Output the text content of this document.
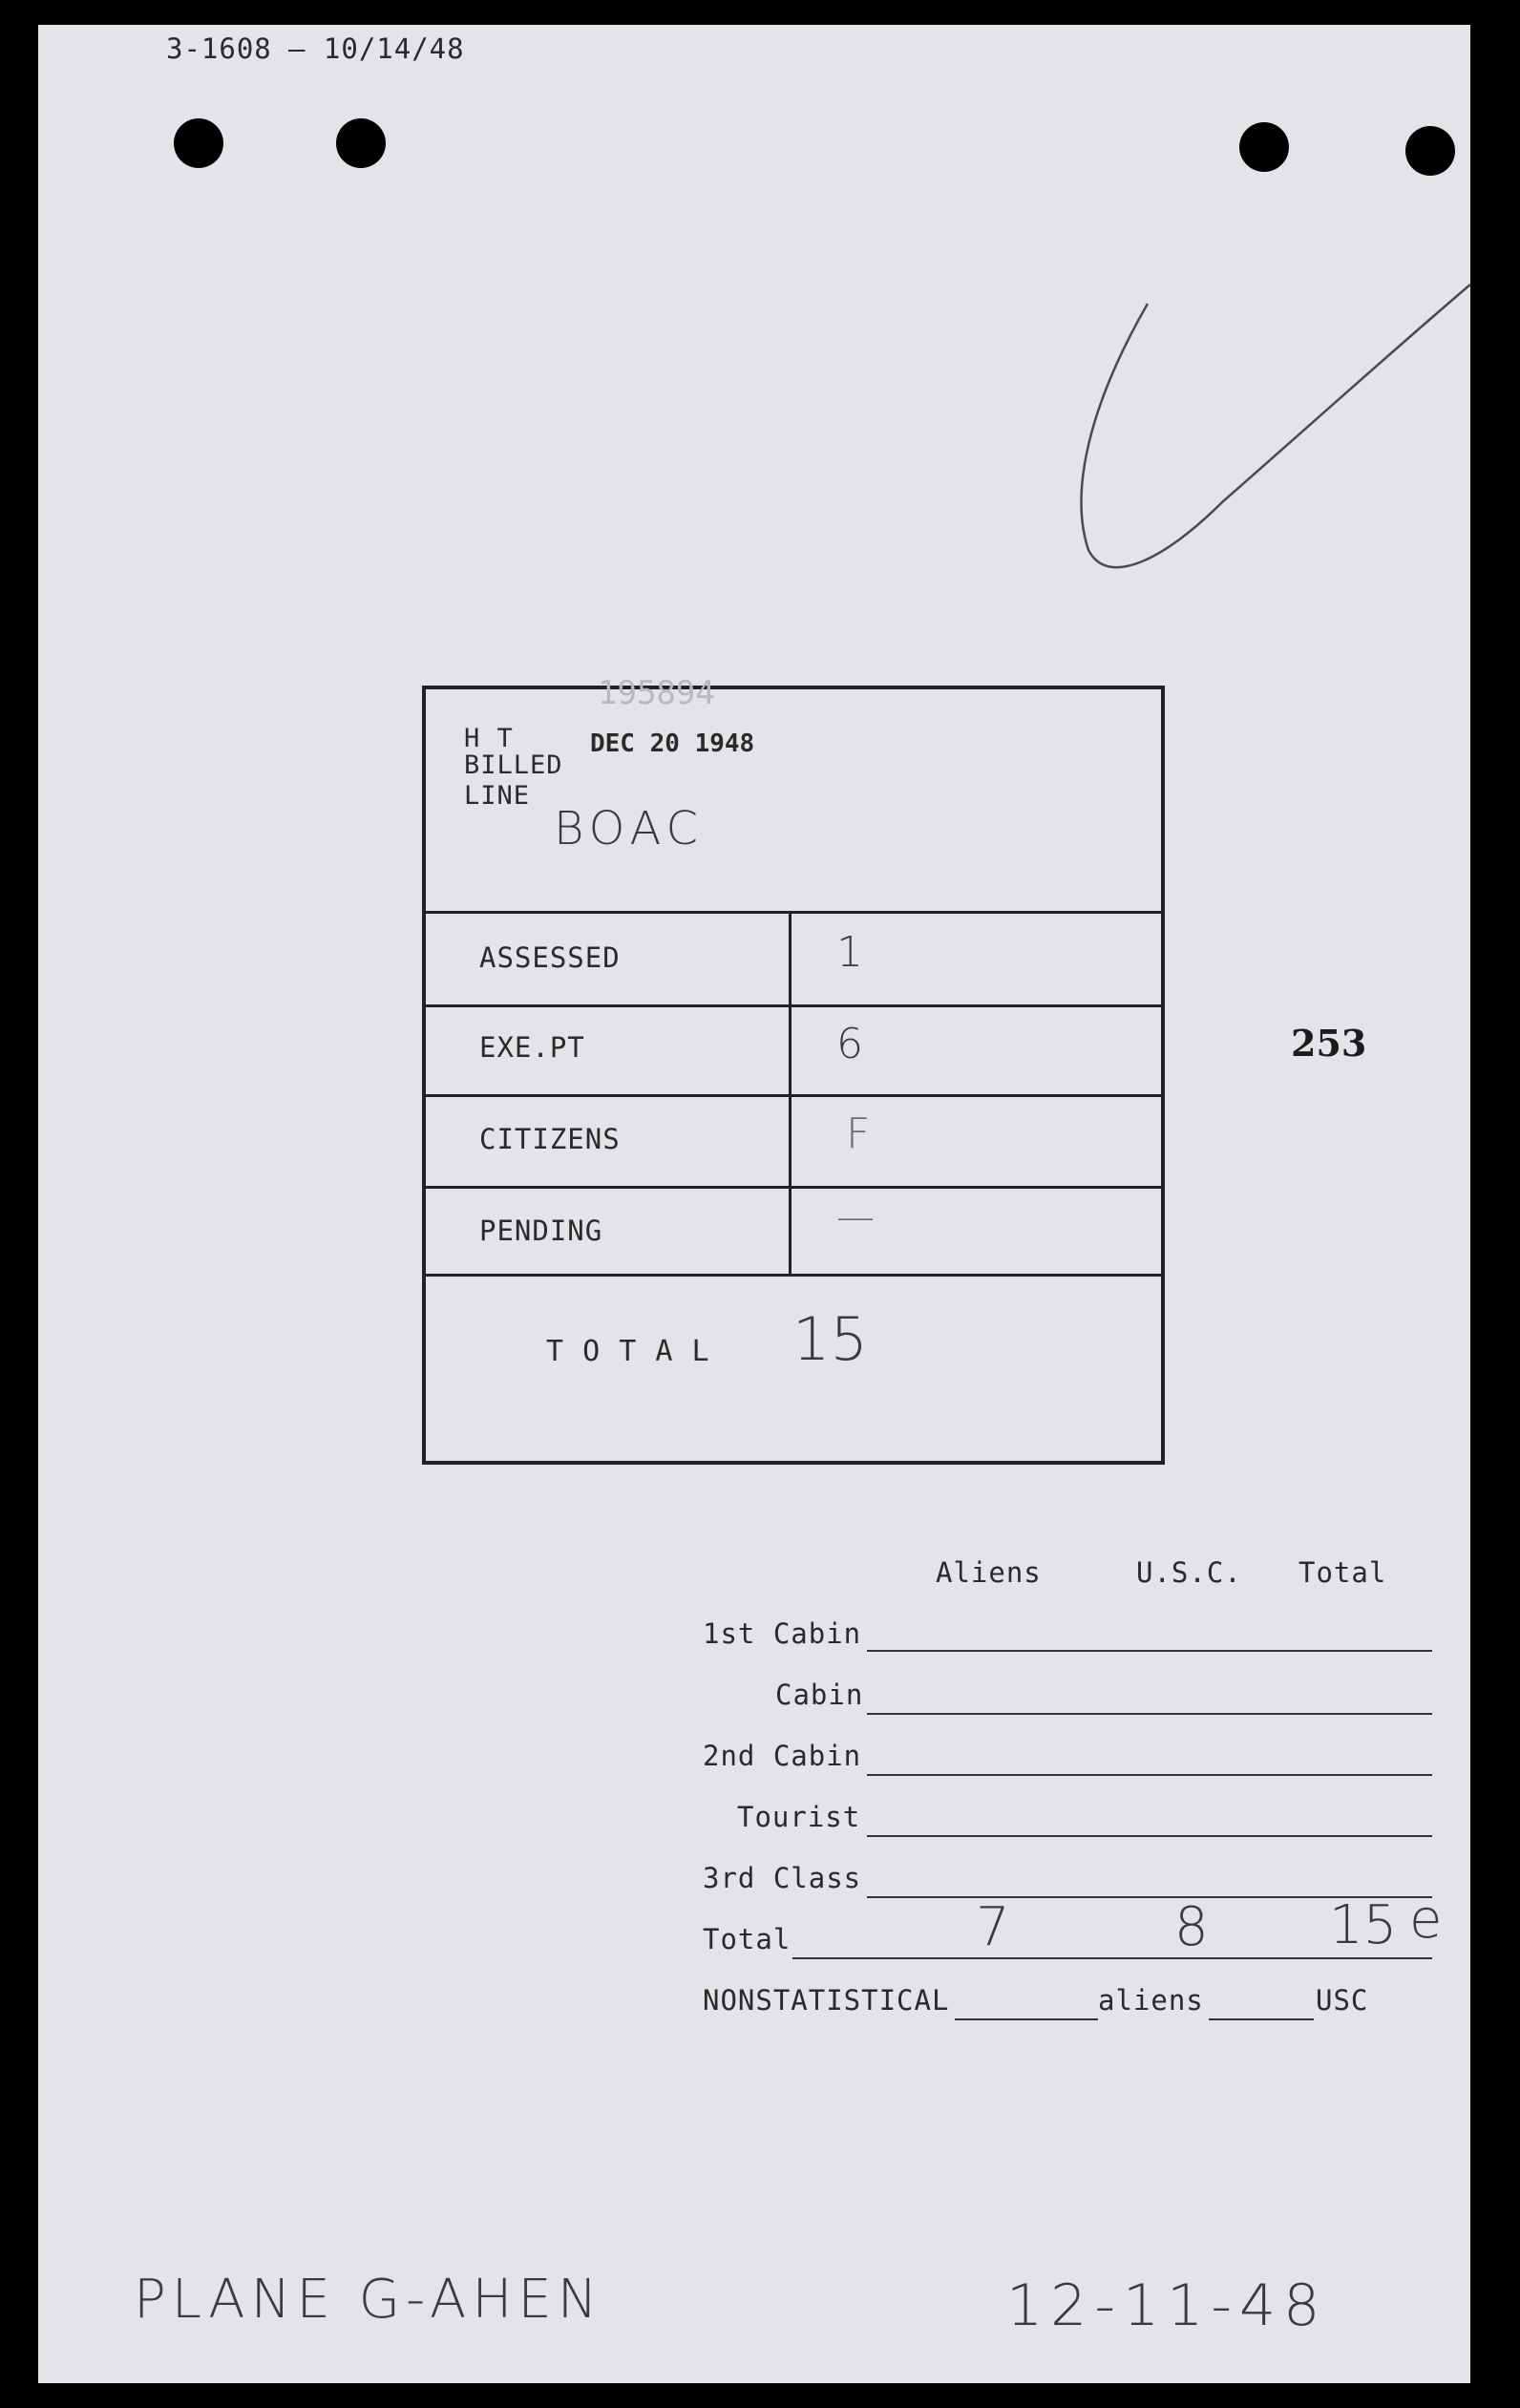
3-1608 — 10/14/48
195894
H T
BILLED
LINE
DEC 20 1948
BOAC
ASSESSED	1
EXE.PT	6
CITIZENS	F
PENDING	—
T O T A L 15
253
Aliens	U.S.C. Total
1st Cabin
Cabin
2nd Cabin
Tourist
3rd Class
Total	7	8 15 e
NONSTATISTICAL	aliens	USC
PLANE G-AHEN	12-11-48
